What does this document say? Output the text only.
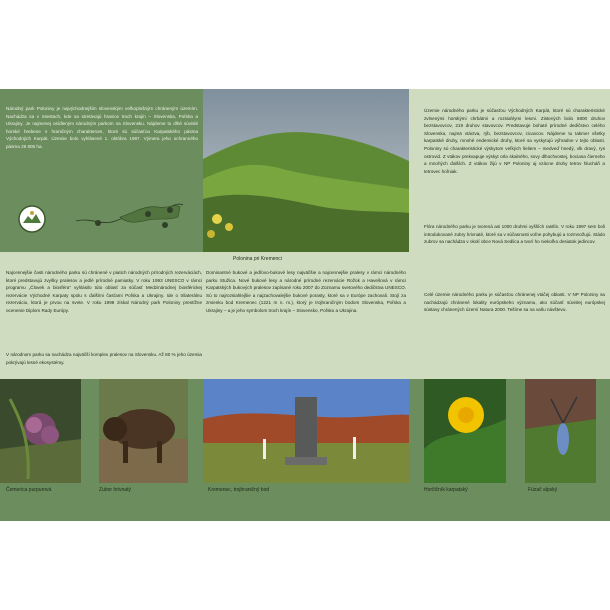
Národný park Poloniny je najvýchodnejším slovenským veľkoplošným chráneným územím. Nachádza sa v miestach, kde sa stretávajú hranice troch krajín – Slovenska, Poľska a Ukrajiny. Je najmenej osídleným národným parkom na Slovensku. Nájdeme tu dlhé súvislé horské hrebene s hraničným charakterom, ktoré sú súčasťou Karpatského pásma Východných Karpát. Územie bolo vyhlásené 1. októbra 1997. Výmera jeho ochranného pásma 29 805 ha.
Polonina pri Kremenci
Územie národného parku je súčasťou Východných Karpát, ktoré sú charakteristické zvlnenými horskými chrbátmi a rozsiahlymi lesmi. Zistených bolo 5800 druhov bezstavovcov, 219 druhov stavovcov. Predstavuje bohaté prírodné dedičstvo celého Slovenska, najmä vtáctva, rýb, bezstavovcov, cicavcov. Nájdeme tu takmer všetky karpatské druhy, mnohé endemické druhy, ktoré sa vyskytujú výhradne v tejto oblasti. Poloniny sú charakteristické výskytom veľkých šeliem – medveď hnedý, vlk dravý, rys ostrovid. Z vtákov prekvapuje výskyt orla skalného, sovy dlhochvostej, bociana čierneho a mnohých ďalších. Z vtákov žijú v NP Poloniny aj vzácne druhy tetrov hlucháň a tetrovec hoľniak.
Flóra národného parku je tvorená asi 1000 druhmi vyšších rastlín. V roku 1997 sem boli introdukované zubry hrivnaté, ktoré sa v súčasnosti voľne pohybujú a rozmnožujú. Stádo zubrov sa nachádza v okolí obce Nová Sedlica a tvorí ho niekoľko desiatok jedincov.
Celé územie národného parku je súčasťou chránenej vtáčej oblasti. V NP Poloniny sa nachádzajú chránené lokality európskeho významu, ako súčasť súvislej európskej sústavy chránených území Natura 2000. Tešíme sa na vašu návštevu.
Najcennejšie časti národného parku sú chránené v piatich národných prírodných rezerváciách, ktoré predstavujú zvyšky pralesov a jedlé prírodné pamiatky. V roku 1993 UNESCO v rámci programu „Človek a biosféra" vyhlásilo túto oblasť za súčasť Medzinárodnej biosférickej rezervácie Východné Karpaty spolu s ďalšími časťami Poľska a Ukrajiny. Ide o trilaterálnu rezerváciu, ktorá je prvou na svete. V roku 1998 získal Národný park Poloniny prestížne ocenenie Diplom Rady Európy.
V národnom parku sa nachádza najväčší komplex pralesov na Slovensku. Až 80 % jeho územia pokrývajú lesné ekosystémy.
Dominantné bukové a jedľovo-bukové lesy najväčšie a najcennejšie pralesy v rámci národného parku Stužica. Nové bukové lesy a národné prírodné rezervácie Rožok a Havešová v rámci Karpatských bukových pralesov zapísané roku 2007 do Zoznamu svetového dedičstva UNESCO. Sú to najrozsiahlejšie a najzachovalejšie bukové porasty, ktoré sa v Európe zachovali. Stojí za zmienku bod Kremenec (1221 m n. m.), ktorý je trojhraničným bodom Slovenska, Poľska a Ukrajiny – a je jeho symbolom troch krajín – Slovensko, Poľsko a Ukrajina.
Čemerica purpurová	Zubor hrivnatý	Kremenec, trojhraničný bod	Horčičník karpatský	Fúzač alpský
